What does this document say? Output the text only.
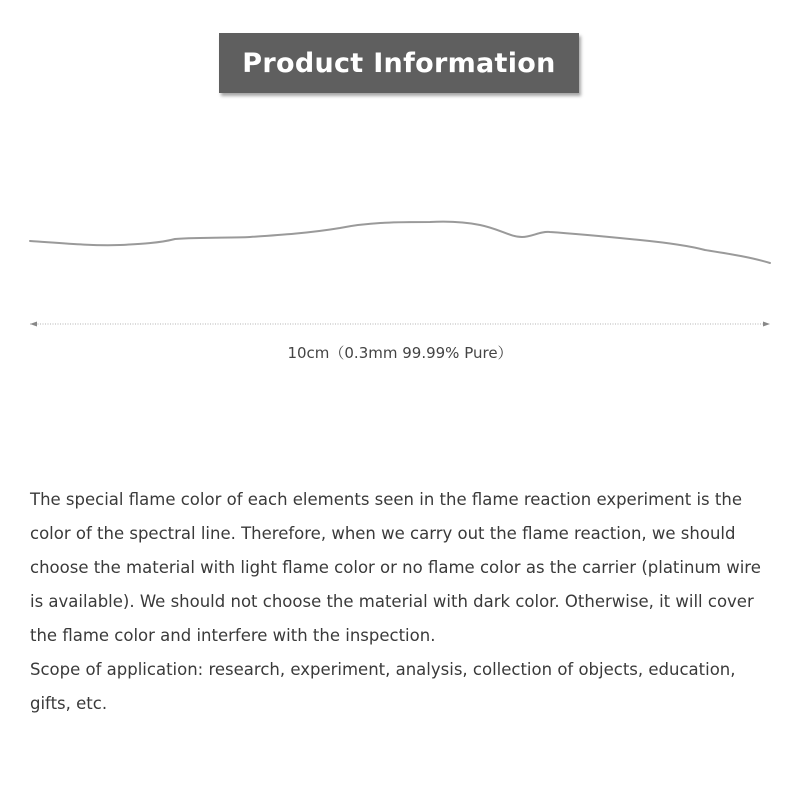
Product Information
10cm（0.3mm 99.99% Pure）

The special flame color of each elements seen in the flame reaction experiment is the color of the spectral line. Therefore, when we carry out the flame reaction, we should choose the material with light flame color or no flame color as the carrier (platinum wire is available). We should not choose the material with dark color. Otherwise, it will cover the flame color and interfere with the inspection.

Scope of application: research, experiment, analysis, collection of objects, education, gifts, etc.
